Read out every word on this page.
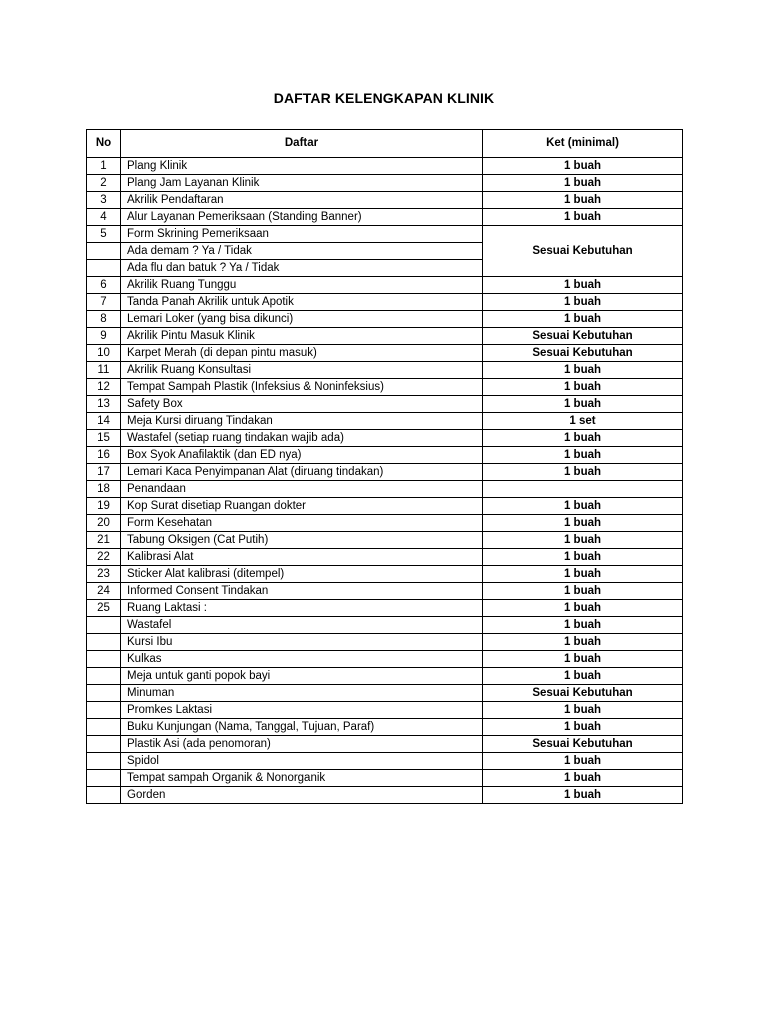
DAFTAR KELENGKAPAN KLINIK
No	Daftar	Ket (minimal)
1	Plang Klinik	1 buah
2	Plang Jam Layanan Klinik	1 buah
3	Akrilik Pendaftaran	1 buah
4	Alur Layanan Pemeriksaan (Standing Banner)	1 buah
5	Form Skrining Pemeriksaan	Sesuai Kebutuhan
	Ada demam ? Ya / Tidak	
	Ada flu dan batuk ? Ya / Tidak	
6	Akrilik Ruang Tunggu	1 buah
7	Tanda Panah Akrilik untuk Apotik	1 buah
8	Lemari Loker (yang bisa dikunci)	1 buah
9	Akrilik Pintu Masuk Klinik	Sesuai Kebutuhan
10	Karpet Merah (di depan pintu masuk)	Sesuai Kebutuhan
11	Akrilik Ruang Konsultasi	1 buah
12	Tempat Sampah Plastik (Infeksius & Noninfeksius)	1 buah
13	Safety Box	1 buah
14	Meja Kursi diruang Tindakan	1 set
15	Wastafel (setiap ruang tindakan wajib ada)	1 buah
16	Box Syok Anafilaktik (dan ED nya)	1 buah
17	Lemari Kaca Penyimpanan Alat (diruang tindakan)	1 buah
18	Penandaan	
19	Kop Surat disetiap Ruangan dokter	1 buah
20	Form Kesehatan	1 buah
21	Tabung Oksigen (Cat Putih)	1 buah
22	Kalibrasi Alat	1 buah
23	Sticker Alat kalibrasi (ditempel)	1 buah
24	Informed Consent Tindakan	1 buah
25	Ruang Laktasi :	1 buah
	Wastafel	1 buah
	Kursi Ibu	1 buah
	Kulkas	1 buah
	Meja untuk ganti popok bayi	1 buah
	Minuman	Sesuai Kebutuhan
	Promkes Laktasi	1 buah
	Buku Kunjungan (Nama, Tanggal, Tujuan, Paraf)	1 buah
	Plastik Asi (ada penomoran)	Sesuai Kebutuhan
	Spidol	1 buah
	Tempat sampah Organik & Nonorganik	1 buah
	Gorden	1 buah
